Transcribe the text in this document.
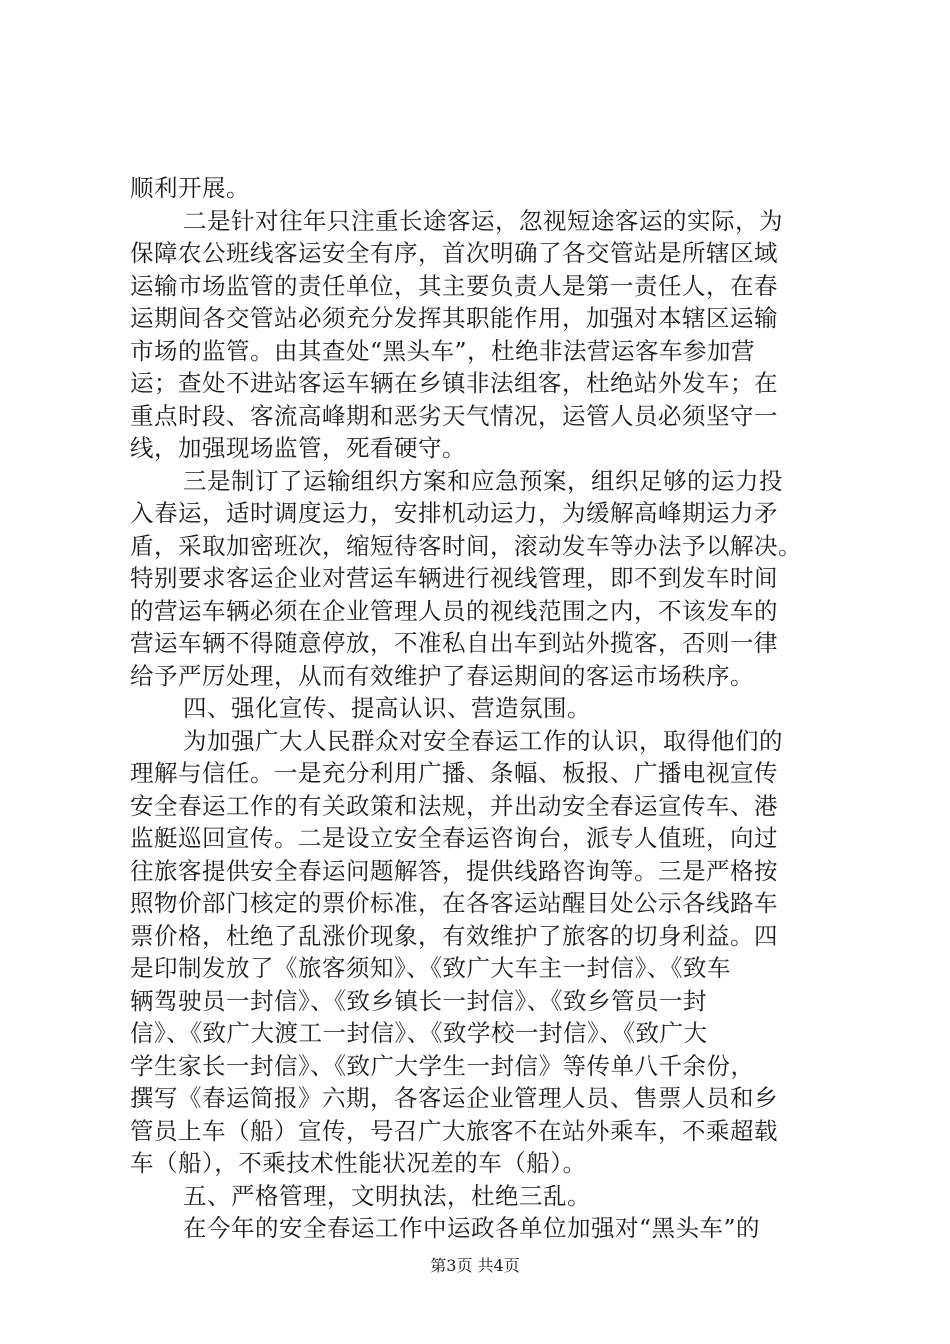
顺利开展。
二是针对往年只注重长途客运，忽视短途客运的实际，为
保障农公班线客运安全有序，首次明确了各交管站是所辖区域
运输市场监管的责任单位，其主要负责人是第一责任人，在春
运期间各交管站必须充分发挥其职能作用，加强对本辖区运输
市场的监管。由其查处“黑头车”，杜绝非法营运客车参加营
运；查处不进站客运车辆在乡镇非法组客，杜绝站外发车；在
重点时段、客流高峰期和恶劣天气情况，运管人员必须坚守一
线，加强现场监管，死看硬守。
三是制订了运输组织方案和应急预案，组织足够的运力投
入春运，适时调度运力，安排机动运力，为缓解高峰期运力矛
盾，采取加密班次，缩短待客时间，滚动发车等办法予以解决。
特别要求客运企业对营运车辆进行视线管理，即不到发车时间
的营运车辆必须在企业管理人员的视线范围之内，不该发车的
营运车辆不得随意停放，不准私自出车到站外揽客，否则一律
给予严厉处理，从而有效维护了春运期间的客运市场秩序。
四、强化宣传、提高认识、营造氛围。
为加强广大人民群众对安全春运工作的认识，取得他们的
理解与信任。一是充分利用广播、条幅、板报、广播电视宣传
安全春运工作的有关政策和法规，并出动安全春运宣传车、港
监艇巡回宣传。二是设立安全春运咨询台，派专人值班，向过
往旅客提供安全春运问题解答，提供线路咨询等。三是严格按
照物价部门核定的票价标准，在各客运站醒目处公示各线路车
票价格，杜绝了乱涨价现象，有效维护了旅客的切身利益。四
是印制发放了《旅客须知》、《致广大车主一封信》、《致车
辆驾驶员一封信》、《致乡镇长一封信》、《致乡管员一封
信》、《致广大渡工一封信》、《致学校一封信》、《致广大
学生家长一封信》、《致广大学生一封信》等传单八千余份，
撰写《春运简报》六期，各客运企业管理人员、售票人员和乡
管员上车（船）宣传，号召广大旅客不在站外乘车，不乘超载
车（船），不乘技术性能状况差的车（船）。
五、严格管理，文明执法，杜绝三乱。
在今年的安全春运工作中运政各单位加强对“黑头车”的
第3页 共4页
